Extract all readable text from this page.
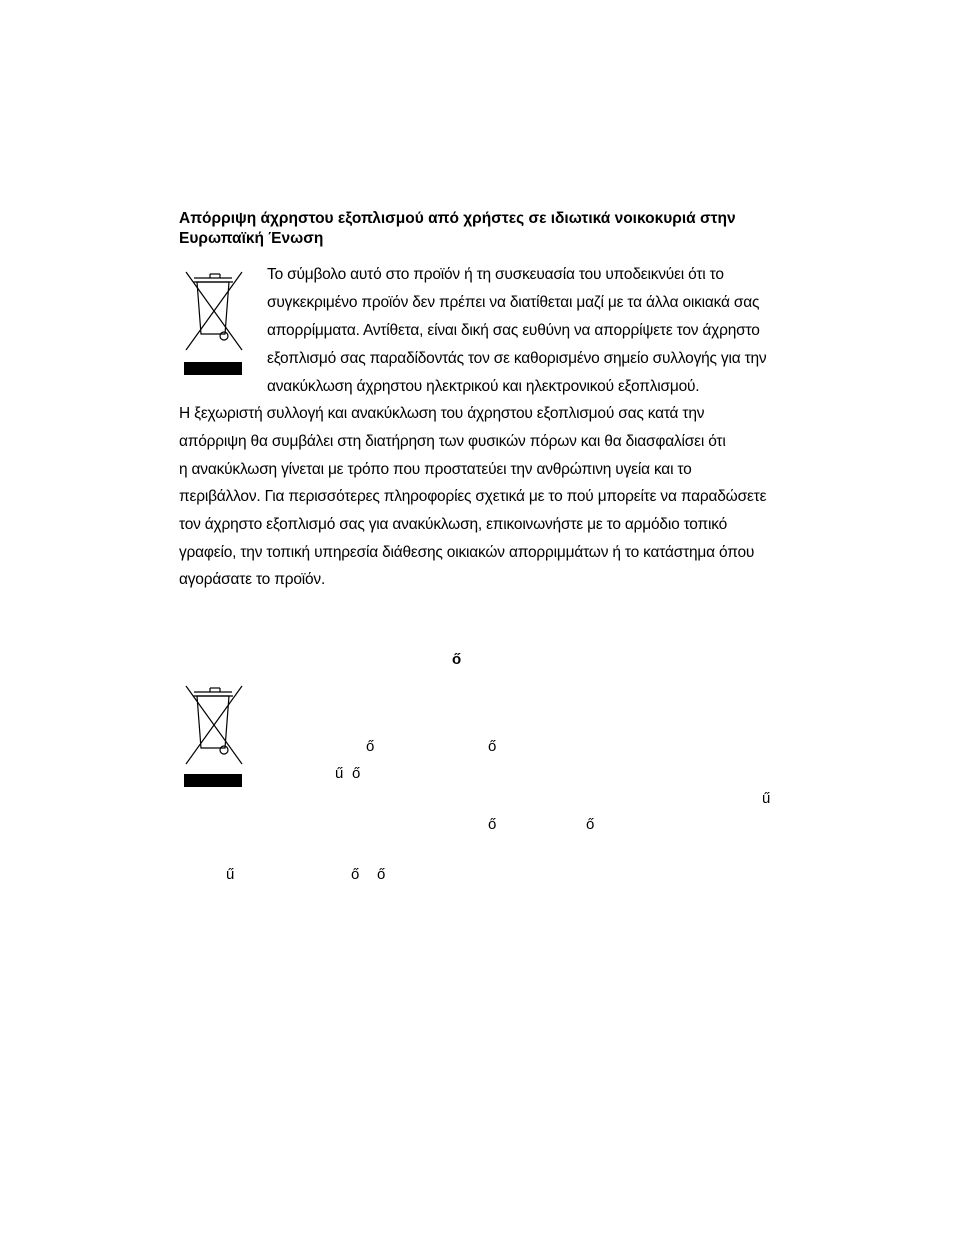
Απόρριψη άχρηστου εξοπλισμού από χρήστες σε ιδιωτικά νοικοκυριά στην Ευρωπαϊκή Ένωση
Το σύμβολο αυτό στο προϊόν ή τη συσκευασία του υποδεικνύει ότι το
συγκεκριμένο προϊόν δεν πρέπει να διατίθεται μαζί με τα άλλα οικιακά σας
απορρίμματα. Αντίθετα, είναι δική σας ευθύνη να απορρίψετε τον άχρηστο
εξοπλισμό σας παραδίδοντάς τον σε καθορισμένο σημείο συλλογής για την
ανακύκλωση άχρηστου ηλεκτρικού και ηλεκτρονικού εξοπλισμού.
Η ξεχωριστή συλλογή και ανακύκλωση του άχρηστου εξοπλισμού σας κατά την
απόρριψη θα συμβάλει στη διατήρηση των φυσικών πόρων και θα διασφαλίσει ότι
η ανακύκλωση γίνεται με τρόπο που προστατεύει την ανθρώπινη υγεία και το
περιβάλλον. Για περισσότερες πληροφορίες σχετικά με το πού μπορείτε να παραδώσετε
τον άχρηστο εξοπλισμό σας για ανακύκλωση, επικοινωνήστε με το αρμόδιο τοπικό
γραφείο, την τοπική υπηρεσία διάθεσης οικιακών απορριμμάτων ή το κατάστημα όπου
αγοράσατε το προϊόν.
ő
ő	ő
ű ő
ű
ő	ő
ű	ő ő
